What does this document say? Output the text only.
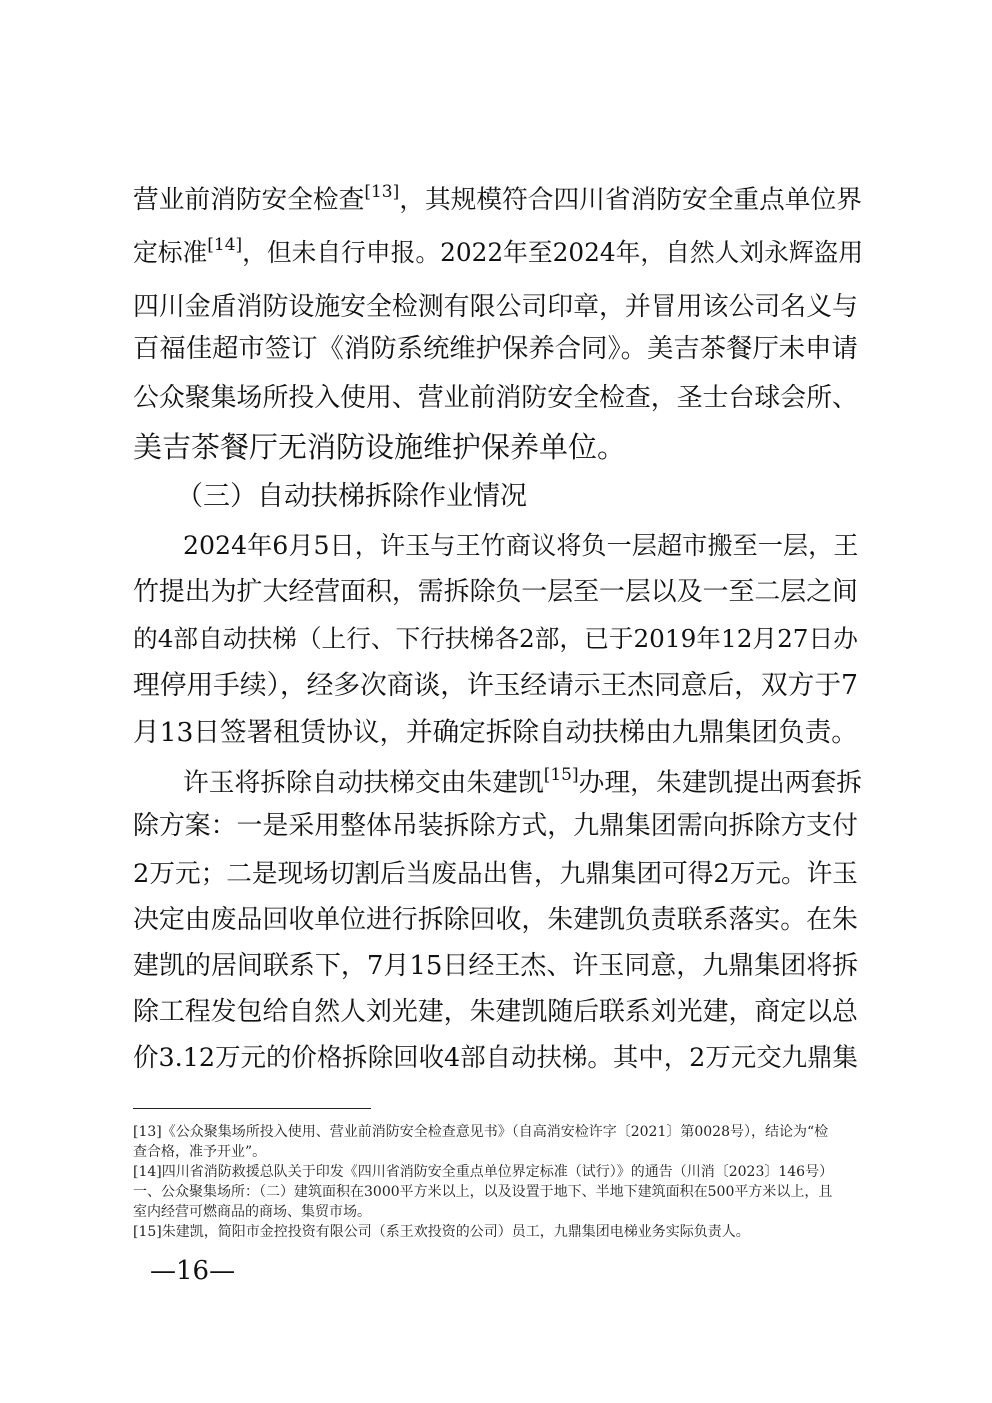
营业前消防安全检查[13]，其规模符合四川省消防安全重点单位界
定标准[14]，但未自行申报。2022年至2024年，自然人刘永辉盗用
四川金盾消防设施安全检测有限公司印章，并冒用该公司名义与
百福佳超市签订《消防系统维护保养合同》。美吉茶餐厅未申请
公众聚集场所投入使用、营业前消防安全检查，圣士台球会所、
美吉茶餐厅无消防设施维护保养单位。
（三）自动扶梯拆除作业情况
2024年6月5日，许玉与王竹商议将负一层超市搬至一层，王
竹提出为扩大经营面积，需拆除负一层至一层以及一至二层之间
的4部自动扶梯（上行、下行扶梯各2部，已于2019年12月27日办
理停用手续），经多次商谈，许玉经请示王杰同意后，双方于7
月13日签署租赁协议，并确定拆除自动扶梯由九鼎集团负责。
许玉将拆除自动扶梯交由朱建凯[15]办理，朱建凯提出两套拆
除方案：一是采用整体吊装拆除方式，九鼎集团需向拆除方支付
2万元；二是现场切割后当废品出售，九鼎集团可得2万元。许玉
决定由废品回收单位进行拆除回收，朱建凯负责联系落实。在朱
建凯的居间联系下，7月15日经王杰、许玉同意，九鼎集团将拆
除工程发包给自然人刘光建，朱建凯随后联系刘光建，商定以总
价3.12万元的价格拆除回收4部自动扶梯。其中，2万元交九鼎集
[13]《公众聚集场所投入使用、营业前消防安全检查意见书》（自高消安检许字〔2021〕第0028号），结论为“检
查合格，准予开业”。
[14]四川省消防救援总队关于印发《四川省消防安全重点单位界定标准（试行）》的通告（川消〔2023〕146号）
一、公众聚集场所：（二）建筑面积在3000平方米以上，以及设置于地下、半地下建筑面积在500平方米以上，且
室内经营可燃商品的商场、集贸市场。
[15]朱建凯，简阳市金控投资有限公司（系王欢投资的公司）员工，九鼎集团电梯业务实际负责人。
—16—
